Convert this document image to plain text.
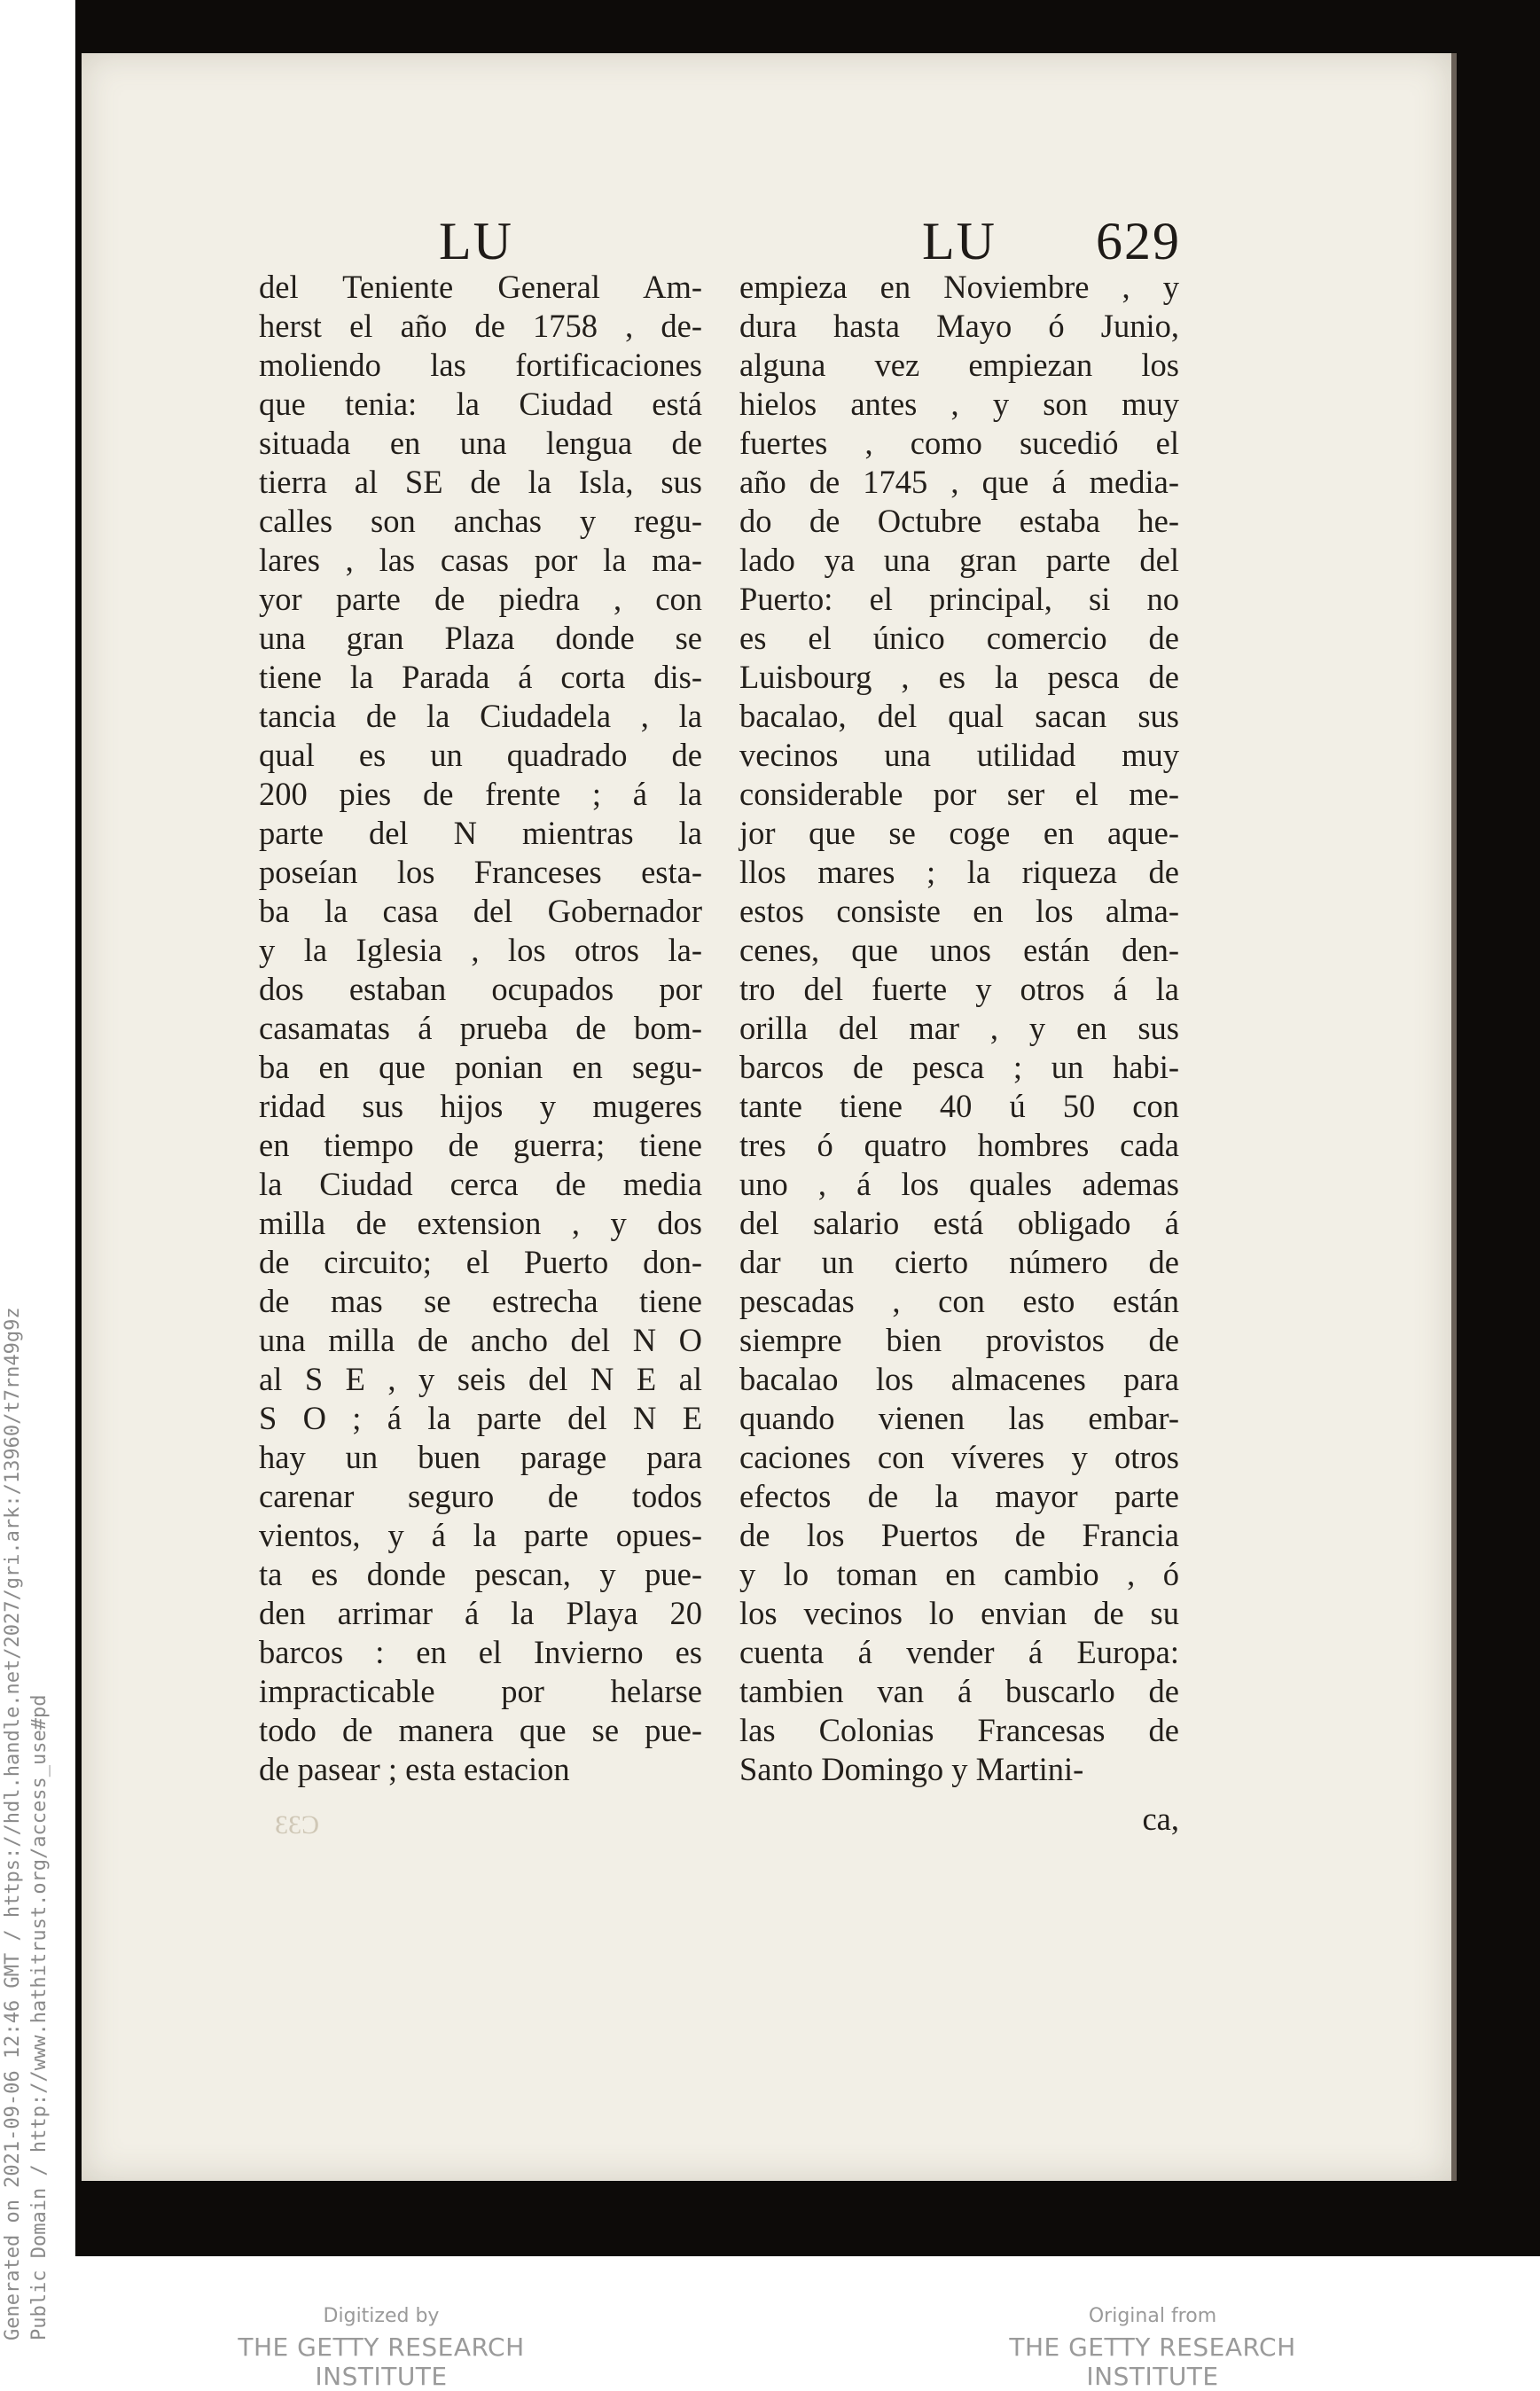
LU	LU 629
del Teniente General Am-
herst el año de 1758 , de-
moliendo las fortificaciones
que tenia: la Ciudad está
situada en una lengua de
tierra al SE de la Isla, sus
calles son anchas y regu-
lares , las casas por la ma-
yor parte de piedra , con
una gran Plaza donde se
tiene la Parada á corta dis-
tancia de la Ciudadela , la
qual es un quadrado de
200 pies de frente ; á la
parte del N mientras la
poseían los Franceses esta-
ba la casa del Gobernador
y la Iglesia , los otros la-
dos estaban ocupados por
casamatas á prueba de bom-
ba en que ponian en segu-
ridad sus hijos y mugeres
en tiempo de guerra; tiene
la Ciudad cerca de media
milla de extension , y dos
de circuito; el Puerto don-
de mas se estrecha tiene
una milla de ancho del N O
al S E , y seis del N E al
S O ; á la parte del N E
hay un buen parage para
carenar seguro de todos
vientos, y á la parte opues-
ta es donde pescan, y pue-
den arrimar á la Playa 20
barcos : en el Invierno es
impracticable por helarse
todo de manera que se pue-
de pasear ; esta estacion
empieza en Noviembre , y
dura hasta Mayo ó Junio,
alguna vez empiezan los
hielos antes , y son muy
fuertes , como sucedió el
año de 1745 , que á media-
do de Octubre estaba he-
lado ya una gran parte del
Puerto: el principal, si no
es el único comercio de
Luisbourg , es la pesca de
bacalao, del qual sacan sus
vecinos una utilidad muy
considerable por ser el me-
jor que se coge en aque-
llos mares ; la riqueza de
estos consiste en los alma-
cenes, que unos están den-
tro del fuerte y otros á la
orilla del mar , y en sus
barcos de pesca ; un habi-
tante tiene 40 ú 50 con
tres ó quatro hombres cada
uno , á los quales ademas
del salario está obligado á
dar un cierto número de
pescadas , con esto están
siempre bien provistos de
bacalao los almacenes para
quando vienen las embar-
caciones con víveres y otros
efectos de la mayor parte
de los Puertos de Francia
y lo toman en cambio , ó
los vecinos lo envian de su
cuenta á vender á Europa:
tambien van á buscarlo de
las Colonias Francesas de
Santo Domingo y Martini-
ca,
ƐƐƆ
Generated on 2021-09-06 12:46 GMT / https://hdl.handle.net/2027/gri.ark:/13960/t7rn49g9z Public Domain / http://www.hathitrust.org/access_use#pd	Digitized by
THE GETTY RESEARCH INSTITUTE
Original from
THE GETTY RESEARCH INSTITUTE
